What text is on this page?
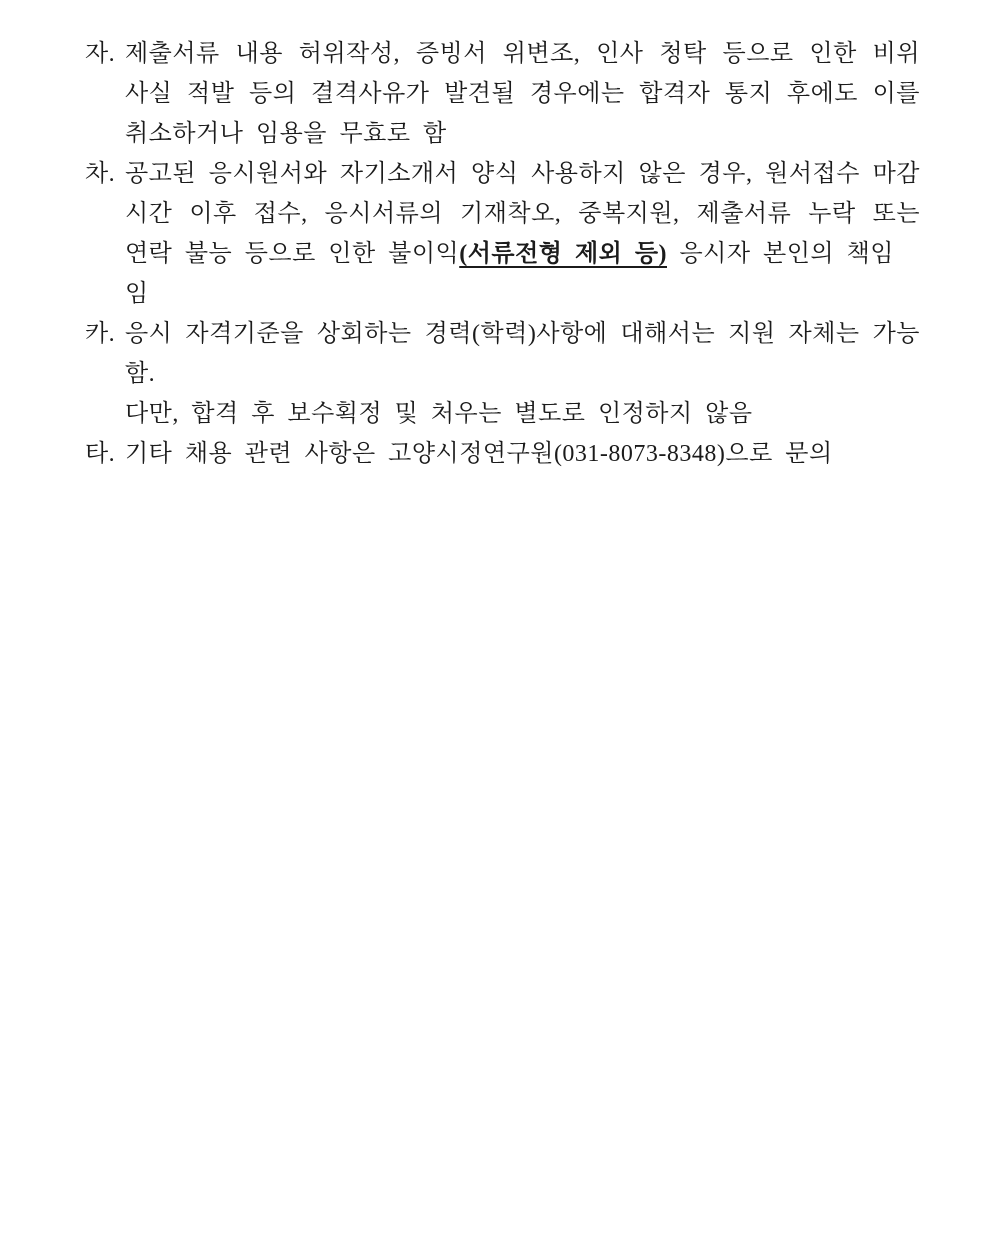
자. 제출서류 내용 허위작성, 증빙서 위변조, 인사 청탁 등으로 인한 비위
사실 적발 등의 결격사유가 발견될 경우에는 합격자 통지 후에도 이를
취소하거나 임용을 무효로 함
차. 공고된 응시원서와 자기소개서 양식 사용하지 않은 경우, 원서접수 마감
시간 이후 접수, 응시서류의 기재착오, 중복지원, 제출서류 누락 또는
연락 불능 등으로 인한 불이익(서류전형 제외 등) 응시자 본인의 책임 임
카. 응시 자격기준을 상회하는 경력(학력)사항에 대해서는 지원 자체는 가능함.
다만, 합격 후 보수획정 및 처우는 별도로 인정하지 않음
타. 기타 채용 관련 사항은 고양시정연구원(031-8073-8348)으로 문의
